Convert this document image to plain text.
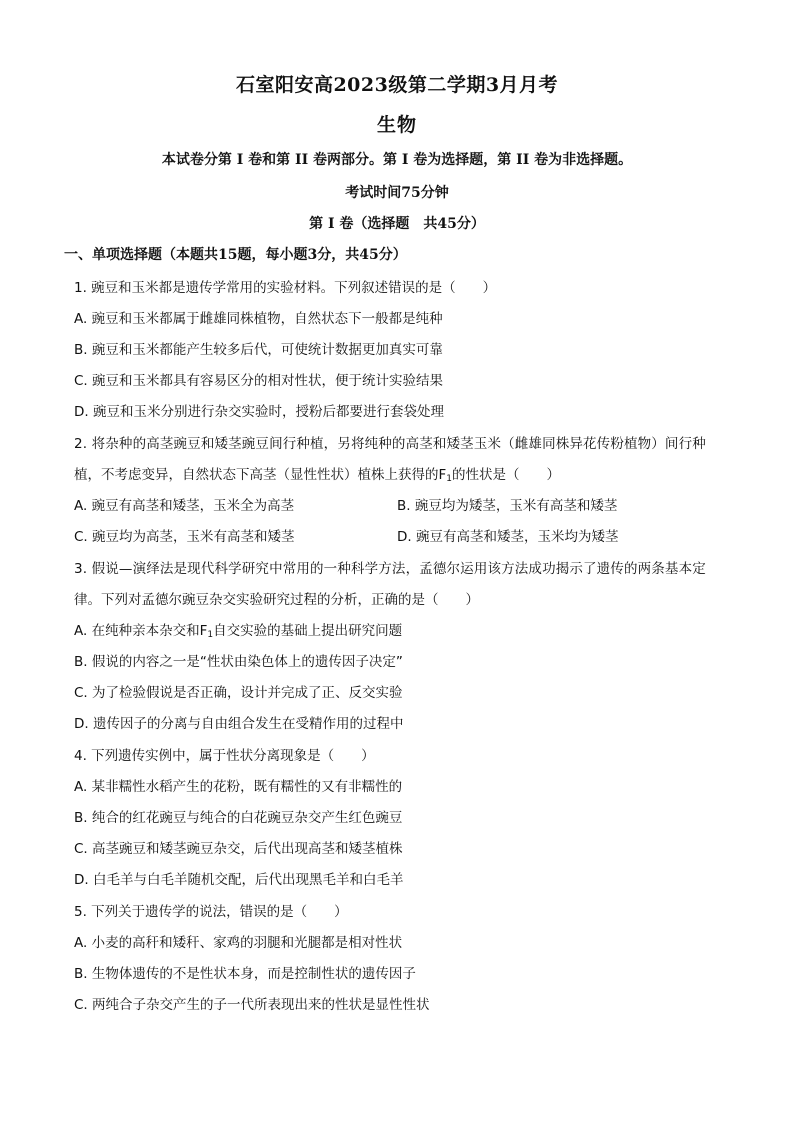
石室阳安高2023级第二学期3月月考
生物
本试卷分第 I 卷和第 II 卷两部分。第 I 卷为选择题，第 II 卷为非选择题。
考试时间75分钟
第 I 卷（选择题　共45分）
一、单项选择题（本题共15题，每小题3分，共45分）
1. 豌豆和玉米都是遗传学常用的实验材料。下列叙述错误的是（　　）
A. 豌豆和玉米都属于雌雄同株植物，自然状态下一般都是纯种
B. 豌豆和玉米都能产生较多后代，可使统计数据更加真实可靠
C. 豌豆和玉米都具有容易区分的相对性状，便于统计实验结果
D. 豌豆和玉米分别进行杂交实验时，授粉后都要进行套袋处理
2. 将杂种的高茎豌豆和矮茎豌豆间行种植，另将纯种的高茎和矮茎玉米（雌雄同株异花传粉植物）间行种
植，不考虑变异，自然状态下高茎（显性性状）植株上获得的$F_1$的性状是（　　）
A. 豌豆有高茎和矮茎，玉米全为高茎	B. 豌豆均为矮茎，玉米有高茎和矮茎
C. 豌豆均为高茎，玉米有高茎和矮茎	D. 豌豆有高茎和矮茎，玉米均为矮茎
3. 假说—演绎法是现代科学研究中常用的一种科学方法，孟德尔运用该方法成功揭示了遗传的两条基本定
律。下列对孟德尔豌豆杂交实验研究过程的分析，正确的是（　　）
A. 在纯种亲本杂交和$F_1$自交实验的基础上提出研究问题
B. 假说的内容之一是“性状由染色体上的遗传因子决定”
C. 为了检验假说是否正确，设计并完成了正、反交实验
D. 遗传因子的分离与自由组合发生在受精作用的过程中
4. 下列遗传实例中，属于性状分离现象是（　　）
A. 某非糯性水稻产生的花粉，既有糯性的又有非糯性的
B. 纯合的红花豌豆与纯合的白花豌豆杂交产生红色豌豆
C. 高茎豌豆和矮茎豌豆杂交，后代出现高茎和矮茎植株
D. 白毛羊与白毛羊随机交配，后代出现黑毛羊和白毛羊
5. 下列关于遗传学的说法，错误的是（　　）
A. 小麦的高秆和矮秆、家鸡的羽腿和光腿都是相对性状
B. 生物体遗传的不是性状本身，而是控制性状的遗传因子
C. 两纯合子杂交产生的子一代所表现出来的性状是显性性状
